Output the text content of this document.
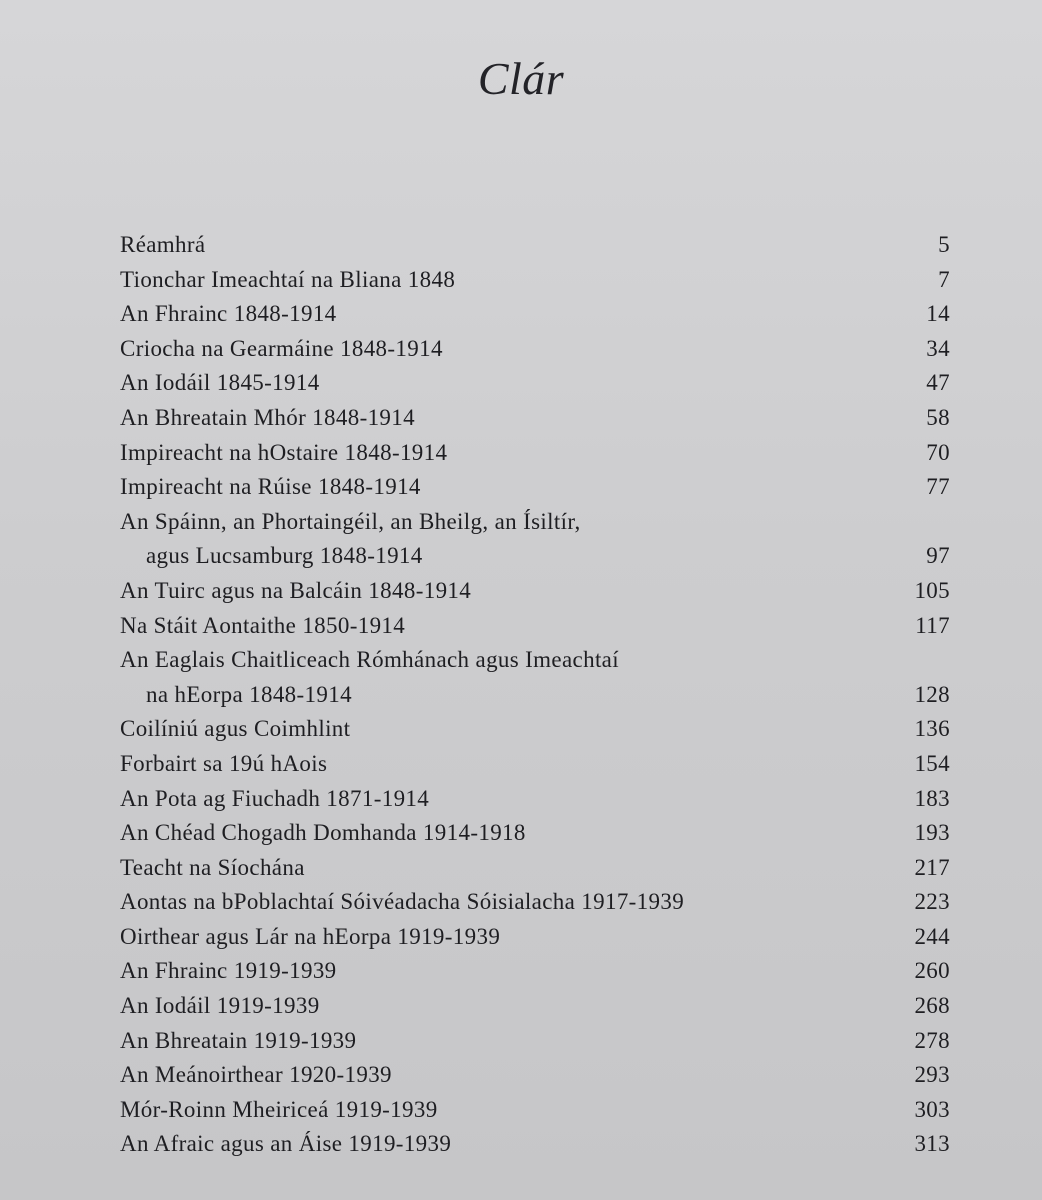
Clár
Réamhrá	5
Tionchar Imeachtaí na Bliana 1848	7
An Fhrainc 1848-1914	14
Criocha na Gearmáine 1848-1914	34
An Iodáil 1845-1914	47
An Bhreatain Mhór 1848-1914	58
Impireacht na hOstaire 1848-1914	70
Impireacht na Rúise 1848-1914	77
An Spáinn, an Phortaingéil, an Bheilg, an Ísiltír,
agus Lucsamburg 1848-1914	97
An Tuirc agus na Balcáin 1848-1914	105
Na Stáit Aontaithe 1850-1914	117
An Eaglais Chaitliceach Rómhánach agus Imeachtaí
na hEorpa 1848-1914	128
Coilíniú agus Coimhlint	136
Forbairt sa 19ú hAois	154
An Pota ag Fiuchadh 1871-1914	183
An Chéad Chogadh Domhanda 1914-1918	193
Teacht na Síochána	217
Aontas na bPoblachtaí Sóivéadacha Sóisialacha 1917-1939	223
Oirthear agus Lár na hEorpa 1919-1939	244
An Fhrainc 1919-1939	260
An Iodáil 1919-1939	268
An Bhreatain 1919-1939	278
An Meánoirthear 1920-1939	293
Mór-Roinn Mheiriceá 1919-1939	303
An Afraic agus an Áise 1919-1939	313
